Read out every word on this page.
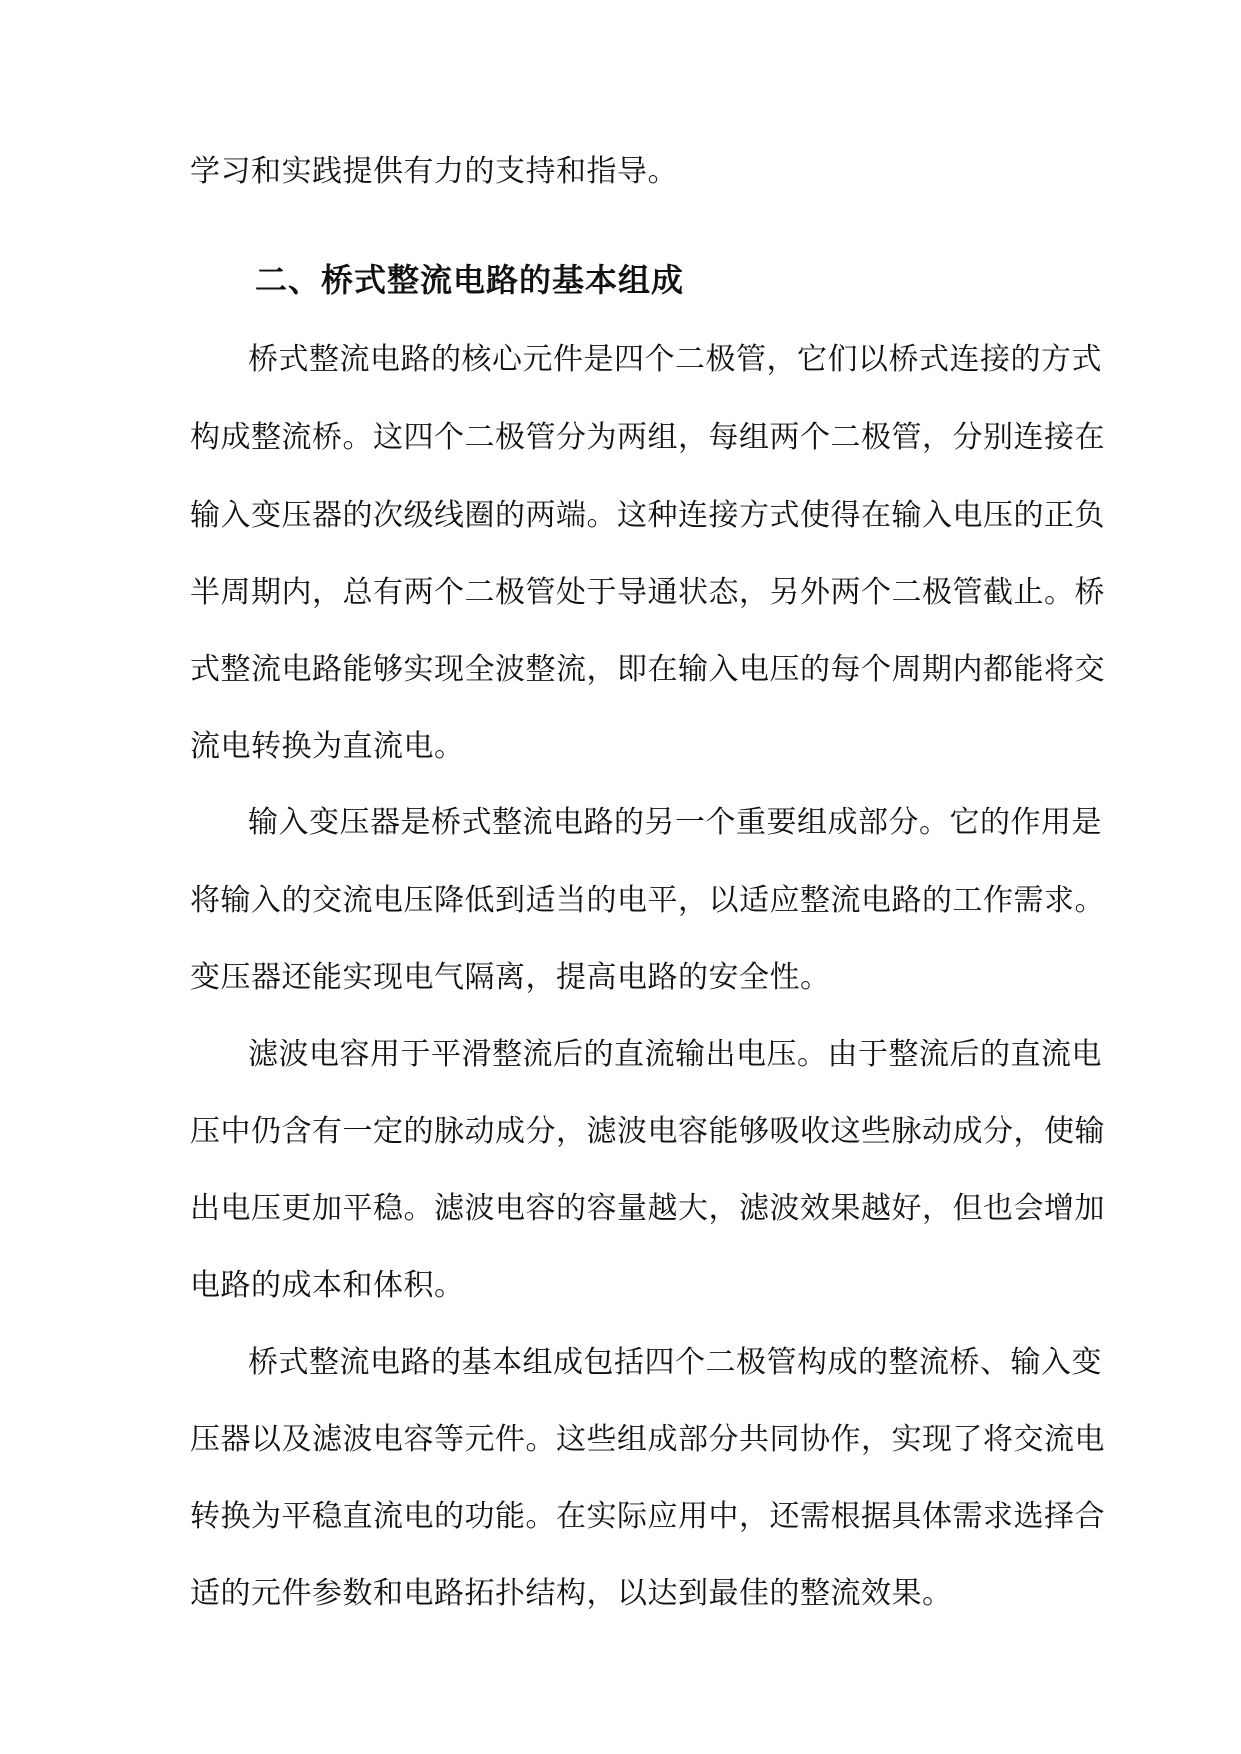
学习和实践提供有力的支持和指导。
二、桥式整流电路的基本组成
桥式整流电路的核心元件是四个二极管，它们以桥式连接的方式
构成整流桥。这四个二极管分为两组，每组两个二极管，分别连接在
输入变压器的次级线圈的两端。这种连接方式使得在输入电压的正负
半周期内，总有两个二极管处于导通状态，另外两个二极管截止。桥
式整流电路能够实现全波整流，即在输入电压的每个周期内都能将交
流电转换为直流电。
输入变压器是桥式整流电路的另一个重要组成部分。它的作用是
将输入的交流电压降低到适当的电平，以适应整流电路的工作需求。
变压器还能实现电气隔离，提高电路的安全性。
滤波电容用于平滑整流后的直流输出电压。由于整流后的直流电
压中仍含有一定的脉动成分，滤波电容能够吸收这些脉动成分，使输
出电压更加平稳。滤波电容的容量越大，滤波效果越好，但也会增加
电路的成本和体积。
桥式整流电路的基本组成包括四个二极管构成的整流桥、输入变
压器以及滤波电容等元件。这些组成部分共同协作，实现了将交流电
转换为平稳直流电的功能。在实际应用中，还需根据具体需求选择合
适的元件参数和电路拓扑结构，以达到最佳的整流效果。
